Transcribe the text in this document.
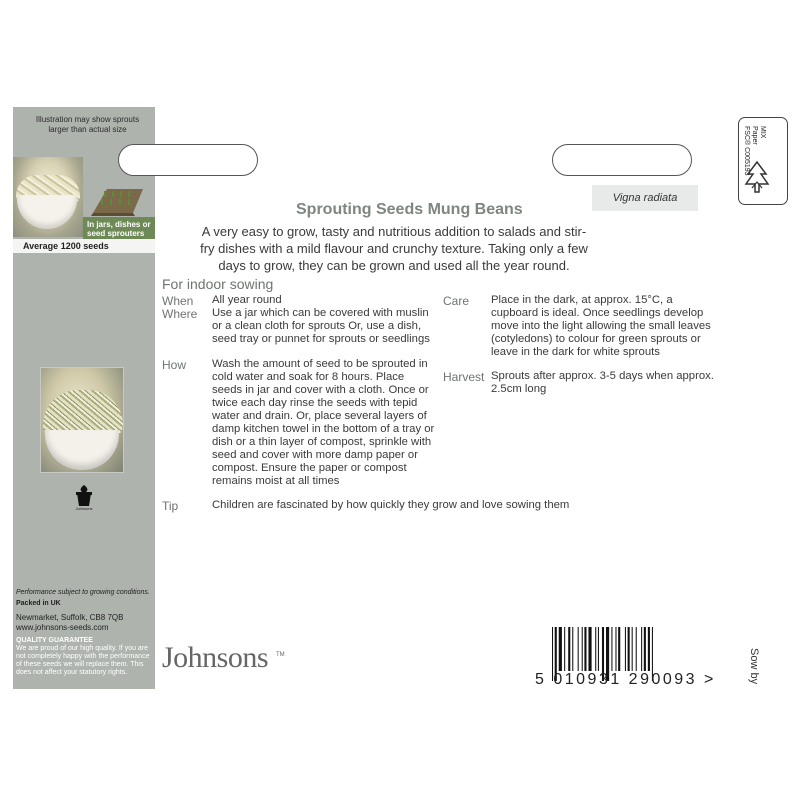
Illustration may show sprouts larger than actual size
In jars, dishes or seed sprouters
Average 1200 seeds
Johnsons
Performance subject to growing conditions.
Packed in UK
Newmarket, Suffolk, CB8 7QB
www.johnsons-seeds.com
QUALITY GUARANTEE
We are proud of our high quality. If you are not completely happy with the performance of these seeds we will replace them. This does not affect your statutory rights.
MIX
Paper
FSC® C005193
Vigna radiata
Sprouting Seeds Mung Beans
A very easy to grow, tasty and nutritious addition to salads and stir-fry dishes with a mild flavour and crunchy texture. Taking only a few days to grow, they can be grown and used all the year round.
For indoor sowing
When All year round
Where Use a jar which can be covered with muslin or a clean cloth for sprouts Or, use a dish, seed tray or punnet for sprouts or seedlings
How Wash the amount of seed to be sprouted in cold water and soak for 8 hours. Place seeds in jar and cover with a cloth. Once or twice each day rinse the seeds with tepid water and drain. Or, place several layers of damp kitchen towel in the bottom of a tray or dish or a thin layer of compost, sprinkle with seed and cover with more damp paper or compost. Ensure the paper or compost remains moist at all times
Care Place in the dark, at approx. 15°C, a cupboard is ideal. Once seedlings develop move into the light allowing the small leaves (cotyledons) to colour for green sprouts or leave in the dark for white sprouts
Harvest Sprouts after approx. 3-5 days when approx. 2.5cm long
Tip	Children are fascinated by how quickly they grow and love sowing them
Johnsons TM
5 010931 290093 >	Sow by
